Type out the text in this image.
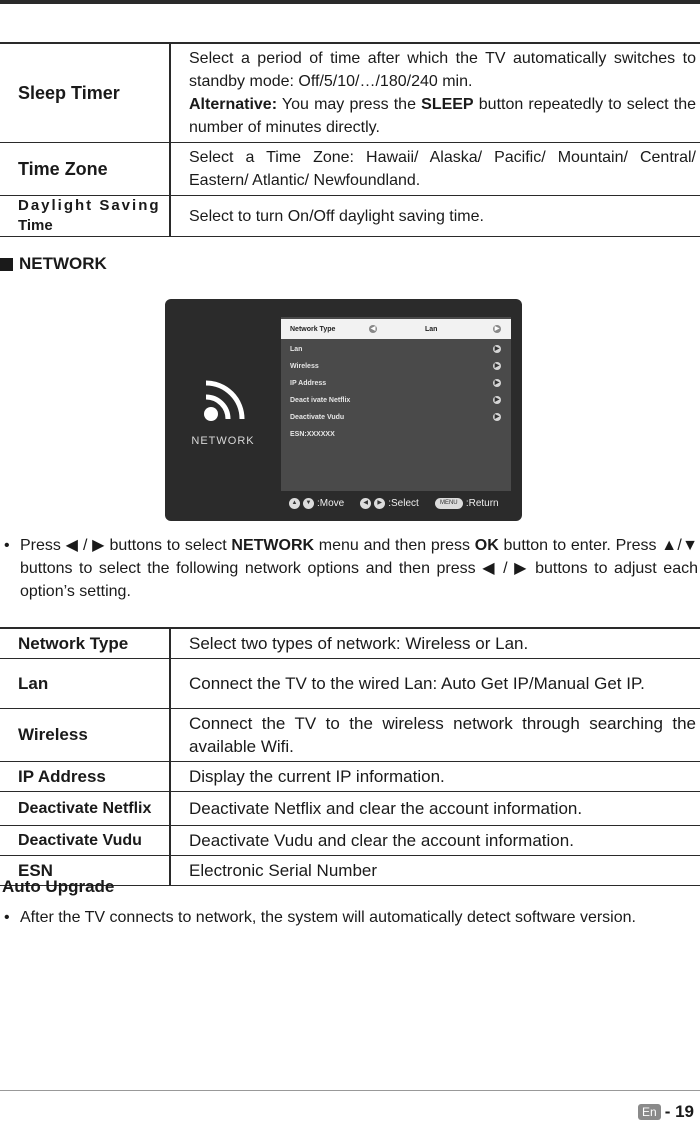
Sleep Timer	Select a period of time after which the TV automatically switches to standby mode: Off/5/10/…/180/240 min.
Alternative: You may press the SLEEP button repeatedly to select the number of minutes directly.
Time Zone	Select a Time Zone: Hawaii/ Alaska/ Pacific/ Mountain/ Central/ Eastern/ Atlantic/ Newfoundland.
Daylight Saving
Time	Select to turn On/Off daylight saving time.
NETWORK
NETWORK
Network Type	◀	Lan	▶
Lan	▶
Wireless	▶
IP Address	▶
Deact ivate Netflix	▶
Deactivate Vudu	▶
ESN:XXXXXX
▲	▼ :Move	◀	▶ :Select	MENU :Return
• Press ◀ / ▶ buttons to select NETWORK menu and then press OK button to enter. Press ▲/▼ buttons to select the following network options and then press ◀ / ▶ buttons to adjust each option’s setting.
Network Type	Select two types of network: Wireless or Lan.
Lan	Connect the TV to the wired Lan: Auto Get IP/Manual Get IP.
Wireless	Connect the TV to the wireless network through searching the available Wifi.
IP Address	Display the current IP information.
Deactivate Netflix	Deactivate Netflix and clear the account information.
Deactivate Vudu	Deactivate Vudu and clear the account information.
ESN	Electronic Serial Number
Auto Upgrade
• After the TV connects to network, the system will automatically detect software version.
En - 19
